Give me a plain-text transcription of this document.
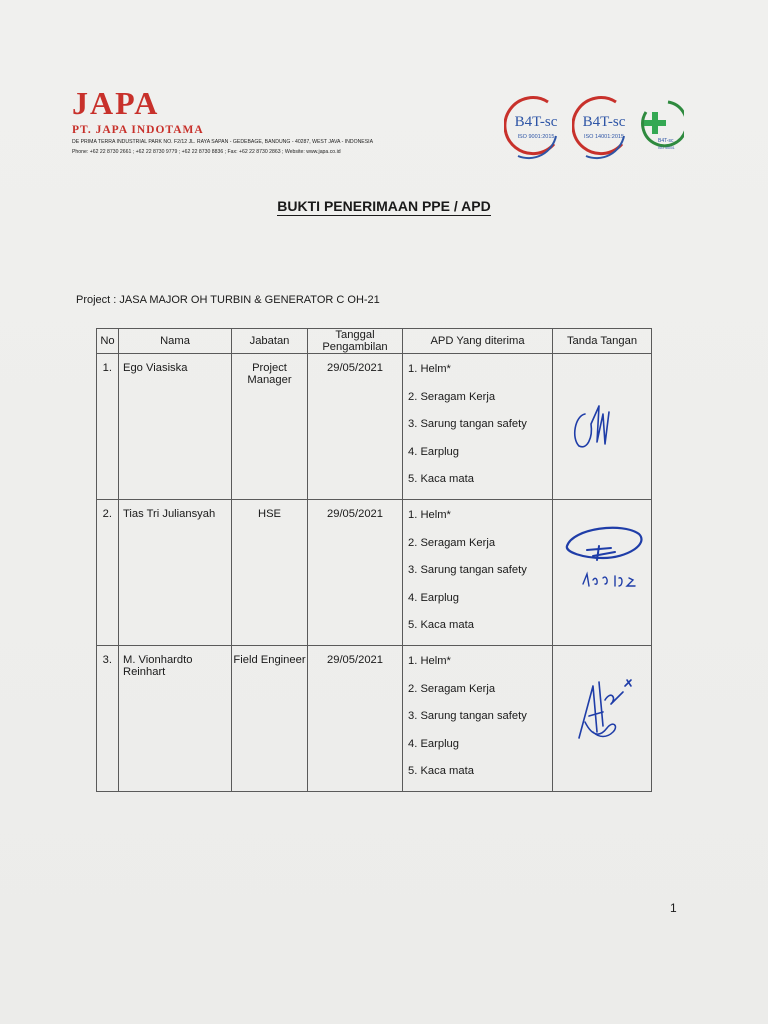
JAPA
PT. JAPA INDOTAMA
DE PRIMA TERRA INDUSTRIAL PARK NO. F2/12 JL. RAYA SAPAN - GEDEBAGE, BANDUNG - 40287, WEST JAVA - INDONESIA
Phone: +62 22 8730 2661 ; +62 22 8730 9779 ; +62 22 8730 8836 ; Fax: +62 22 8730 2863 ; Website: www.japa.co.id
B4T-sc
ISO 9001:2015
B4T-sc
ISO 14001:2015
B4T-sc
ISO 45001
BUKTI PENERIMAAN PPE / APD
Project : JASA MAJOR OH TURBIN & GENERATOR C OH-21
No	Nama	Jabatan	Tanggal Pengambilan	APD Yang diterima	Tanda Tangan
1.	Ego Viasiska	Project Manager	29/05/2021	1. Helm*
2. Seragam Kerja
3. Sarung tangan safety
4. Earplug
5. Kaca mata

2.	Tias Tri Juliansyah	HSE	29/05/2021	1. Helm*
2. Seragam Kerja
3. Sarung tangan safety
4. Earplug
5. Kaca mata

3.	M. Vionhardto Reinhart	Field Engineer	29/05/2021	1. Helm*
2. Seragam Kerja
3. Sarung tangan safety
4. Earplug
5. Kaca mata

1
